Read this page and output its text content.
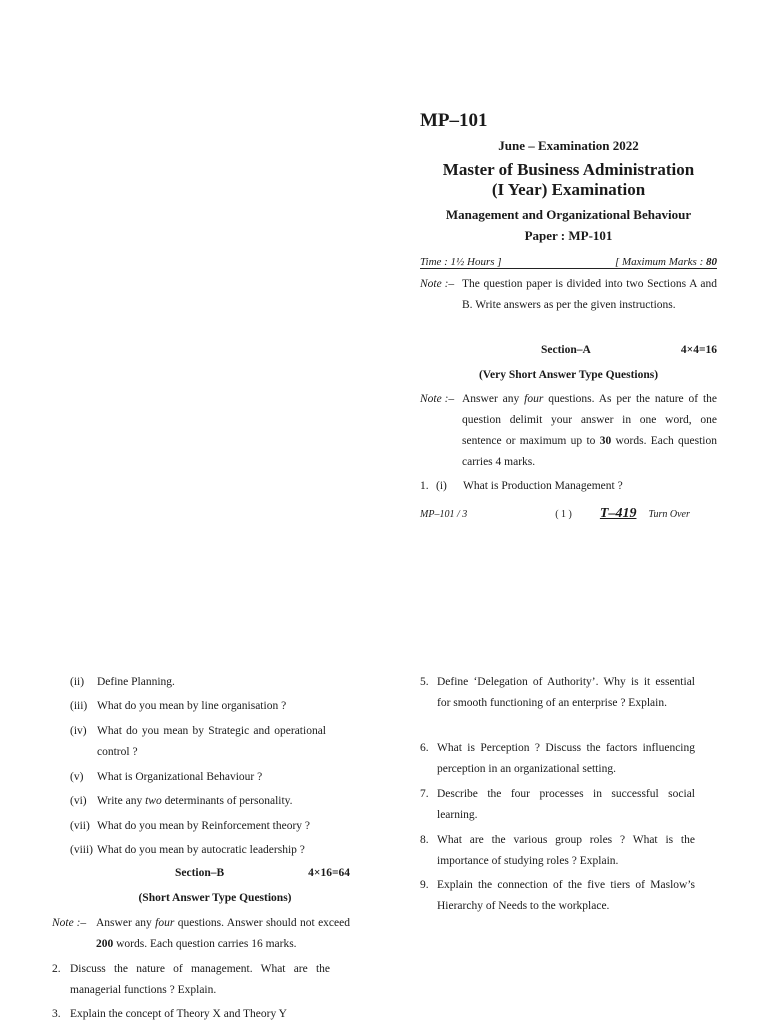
MP–101
June – Examination 2022
Master of Business Administration
(I Year) Examination
Management and Organizational Behaviour
Paper : MP-101
Time : 1½ Hours ]	[ Maximum Marks : 80
Note :– The question paper is divided into two Sections A and B. Write answers as per the given instructions.
Section–A	4×4=16
(Very Short Answer Type Questions)
Note :– Answer any four questions. As per the nature of the question delimit your answer in one word, one sentence or maximum up to 30 words. Each question carries 4 marks.
1. (i)	What is Production Management ?
MP–101 / 3	( 1 ) T–419 Turn Over
(ii)	Define Planning.
(iii) What do you mean by line organisation ?
(iv) What do you mean by Strategic and operational control ?
(v)	What is Organizational Behaviour ?
(vi) Write any two determinants of personality.
(vii) What do you mean by Reinforcement theory ?
(viii) What do you mean by autocratic leadership ?
Section–B	4×16=64
(Short Answer Type Questions)
Note :– Answer any four questions. Answer should not exceed 200 words. Each question carries 16 marks.
2. Discuss the nature of management. What are the managerial functions ? Explain.
3. Explain the concept of Theory X and Theory Y
5. Define ‘Delegation of Authority’. Why is it essential for smooth functioning of an enterprise ? Explain.
6. What is Perception ? Discuss the factors influencing perception in an organizational setting.
7. Describe the four processes in successful social learning.
8. What are the various group roles ? What is the importance of studying roles ? Explain.
9. Explain the connection of the five tiers of Maslow’s Hierarchy of Needs to the workplace.
